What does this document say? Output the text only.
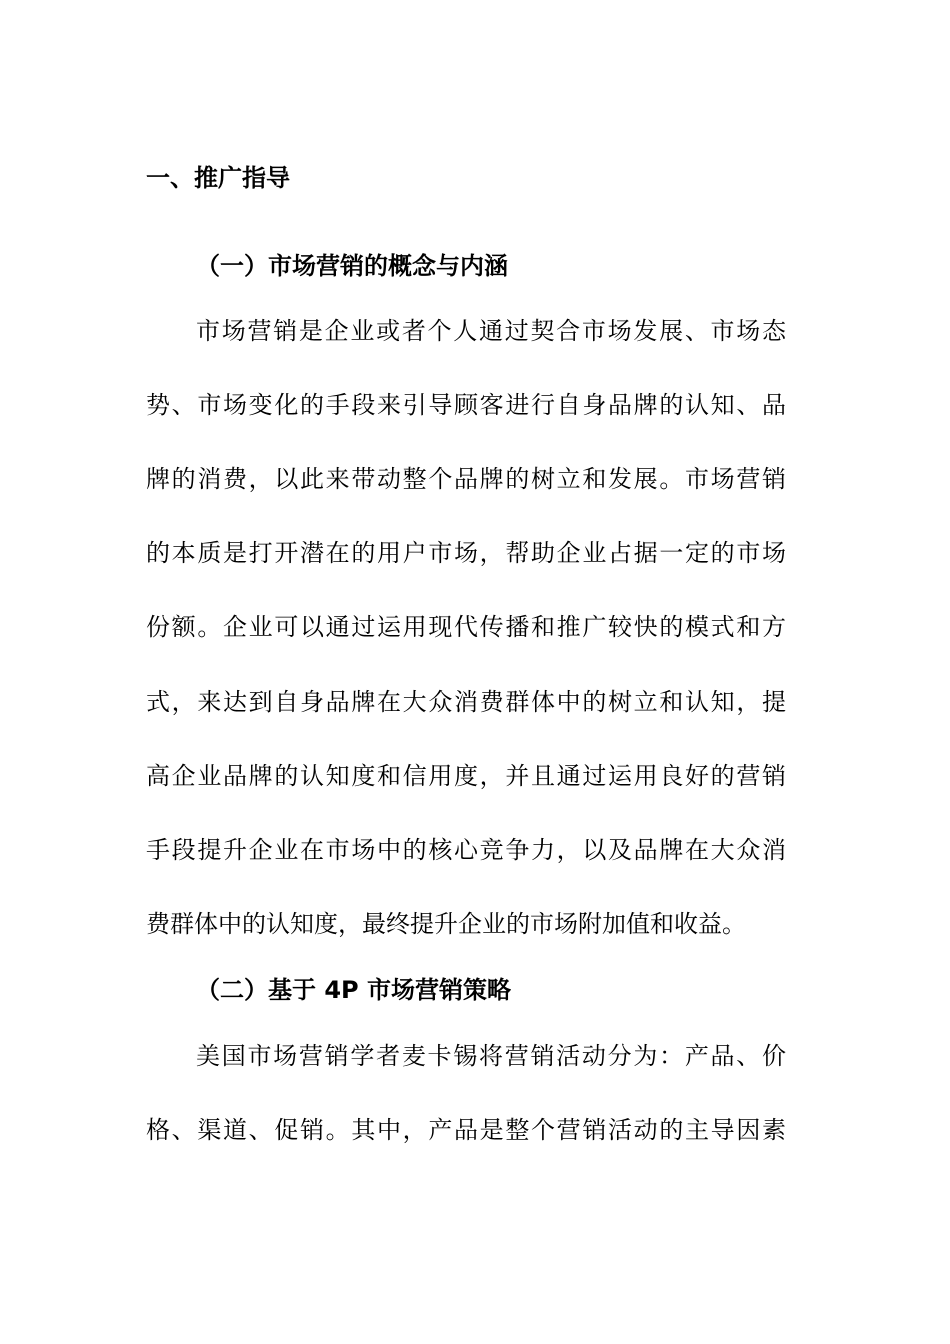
一、推广指导
（一）市场营销的概念与内涵

市场营销是企业或者个人通过契合市场发展、市场态

势、市场变化的手段来引导顾客进行自身品牌的认知、品

牌的消费，以此来带动整个品牌的树立和发展。市场营销

的本质是打开潜在的用户市场，帮助企业占据一定的市场

份额。企业可以通过运用现代传播和推广较快的模式和方

式，来达到自身品牌在大众消费群体中的树立和认知，提

高企业品牌的认知度和信用度，并且通过运用良好的营销

手段提升企业在市场中的核心竞争力，以及品牌在大众消

费群体中的认知度，最终提升企业的市场附加值和收益。

（二）基于 4P 市场营销策略

美国市场营销学者麦卡锡将营销活动分为：产品、价

格、渠道、促销。其中，产品是整个营销活动的主导因素
